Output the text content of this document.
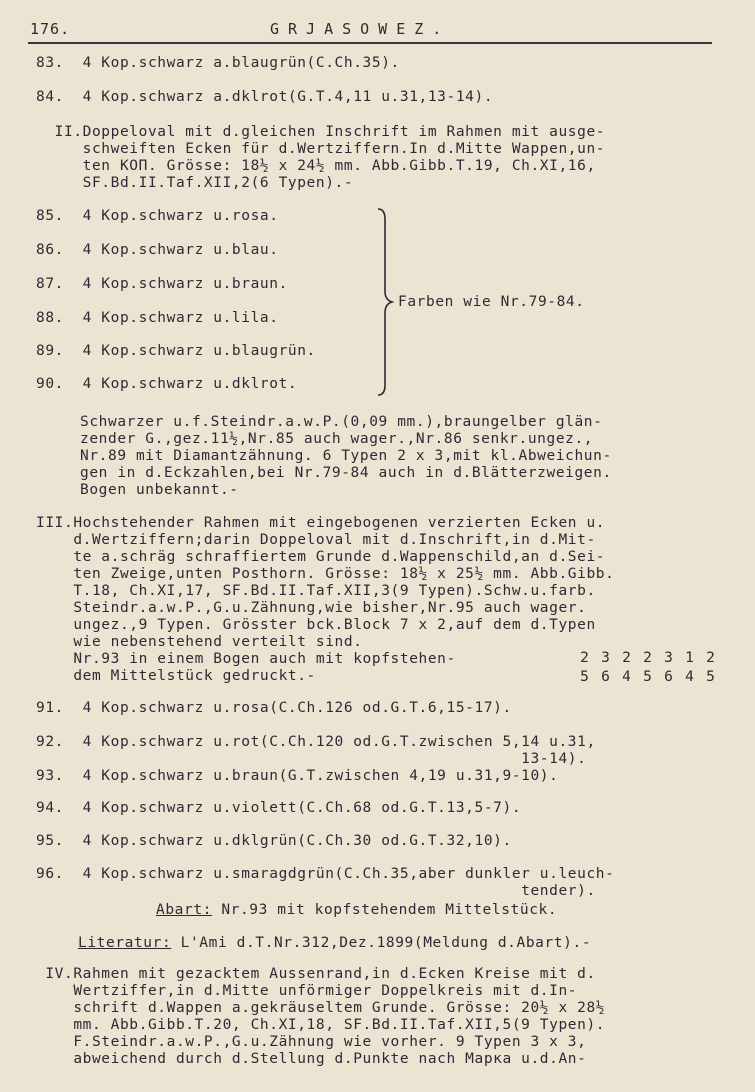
176.	GRJASOWEZ.
83.  4 Kop.schwarz a.blaugrün(C.Ch.35).
84.  4 Kop.schwarz a.dklrot(G.T.4,11 u.31,13-14).
II.Doppeloval mit d.gleichen Inschrift im Rahmen mit ausge-
schweiften Ecken für d.Wertziffern.In d.Mitte Wappen,un-
ten KOП. Grösse: 18½ x 24½ mm. Abb.Gibb.T.19, Ch.XI,16,
SF.Bd.II.Taf.XII,2(6 Typen).-
85.  4 Kop.schwarz u.rosa.
86.  4 Kop.schwarz u.blau.
87.  4 Kop.schwarz u.braun.
88.  4 Kop.schwarz u.lila.
89.  4 Kop.schwarz u.blaugrün.
90.  4 Kop.schwarz u.dklrot.
Farben wie Nr.79-84.
Schwarzer u.f.Steindr.a.w.P.(0,09 mm.),braungelber glän-
zender G.,gez.11½,Nr.85 auch wager.,Nr.86 senkr.ungez.,
Nr.89 mit Diamantzähnung. 6 Typen 2 x 3,mit kl.Abweichun-
gen in d.Eckzahlen,bei Nr.79-84 auch in d.Blätterzweigen.
Bogen unbekannt.-
III.Hochstehender Rahmen mit eingebogenen verzierten Ecken u.
d.Wertziffern;darin Doppeloval mit d.Inschrift,in d.Mit-
te a.schräg schraffiertem Grunde d.Wappenschild,an d.Sei-
ten Zweige,unten Posthorn. Grösse: 18½ x 25½ mm. Abb.Gibb.
T.18, Ch.XI,17, SF.Bd.II.Taf.XII,3(9 Typen).Schw.u.farb.
Steindr.a.w.P.,G.u.Zähnung,wie bisher,Nr.95 auch wager.
ungez.,9 Typen. Grösster bck.Block 7 x 2,auf dem d.Typen
wie nebenstehend verteilt sind.
Nr.93 in einem Bogen auch mit kopfstehen-
dem Mittelstück gedruckt.-
2 3 2 2 3 1 2
5 6 4 5 6 4 5
91.  4 Kop.schwarz u.rosa(C.Ch.126 od.G.T.6,15-17).
92.  4 Kop.schwarz u.rot(C.Ch.120 od.G.T.zwischen 5,14 u.31,
13-14).
93.  4 Kop.schwarz u.braun(G.T.zwischen 4,19 u.31,9-10).
94.  4 Kop.schwarz u.violett(C.Ch.68 od.G.T.13,5-7).
95.  4 Kop.schwarz u.dklgrün(C.Ch.30 od.G.T.32,10).
96.  4 Kop.schwarz u.smaragdgrün(C.Ch.35,aber dunkler u.leuch-
tender).
Abart: Nr.93 mit kopfstehendem Mittelstück.
Literatur: L'Ami d.T.Nr.312,Dez.1899(Meldung d.Abart).-
IV.Rahmen mit gezacktem Aussenrand,in d.Ecken Kreise mit d.
Wertziffer,in d.Mitte unförmiger Doppelkreis mit d.In-
schrift d.Wappen a.gekräuseltem Grunde. Grösse: 20½ x 28½
mm. Abb.Gibb.T.20, Ch.XI,18, SF.Bd.II.Taf.XII,5(9 Typen).
F.Steindr.a.w.P.,G.u.Zähnung wie vorher. 9 Typen 3 x 3,
abweichend durch d.Stellung d.Punkte nach Марка u.d.An-
